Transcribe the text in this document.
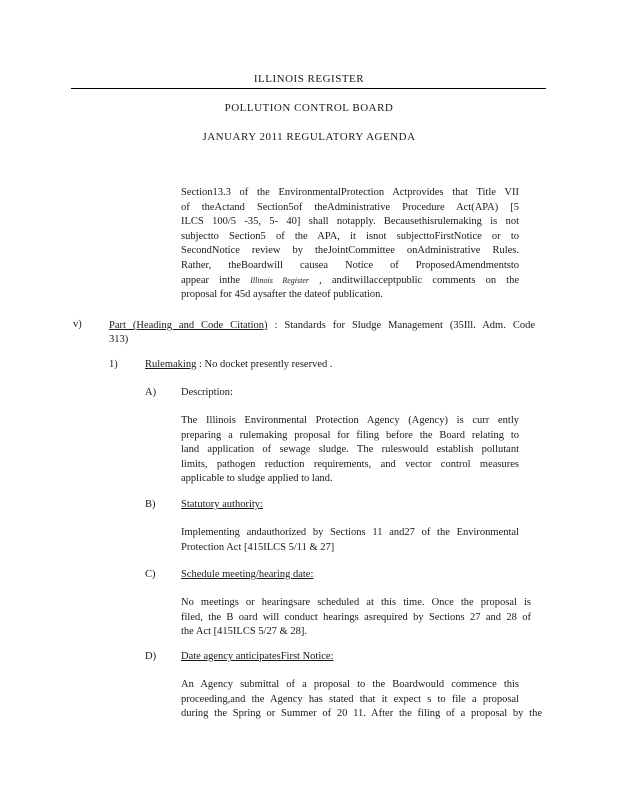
ILLINOIS REGISTER
POLLUTION CONTROL BOARD
JANUARY 2011 REGULATORY AGENDA
Section13.3 of the EnvironmentalProtection Actprovides that Title VII
of theActand Section5of theAdministrative Procedure Act(APA) [5
ILCS 100/5 -35, 5- 40] shall notapply. Becausethisrulemaking is not
subjectto Section5 of the APA, it isnot subjecttoFirstNotice or to
SecondNotice review by theJointCommittee onAdministrative Rules.
Rather, theBoardwill causea Notice of ProposedAmendmentsto
appear inthe Illinois Register , anditwillacceptpublic comments on the
proposal for 45d aysafter the dateof publication.
v)	Part (Heading and Code Citation) : Standards for Sludge Management (35Ill. Adm. Code
313)
1)	Rulemaking : No docket presently reserved .
A) Description:
The Illinois Environmental Protection Agency (Agency) is curr ently
preparing a rulemaking proposal for filing before the Board relating to
land application of sewage sludge. The ruleswould establish pollutant
limits, pathogen reduction requirements, and vector control measures
applicable to sludge applied to land.
B) Statutory authority:
Implementing andauthorized by Sections 11 and27 of the Environmental
Protection Act [415ILCS 5/11 & 27]
C) Schedule meeting/hearing date:
No meetings or hearingsare scheduled at this time. Once the proposal is
filed, the B oard will conduct hearings asrequired by Sections 27 and 28 of
the Act [415ILCS 5/27 & 28].
D) Date agency anticipatesFirst Notice:
An Agency submittal of a proposal to the Boardwould commence this
proceeding,and the Agency has stated that it expect s to file a proposal
during the Spring or Summer of 20 11. After the filing of a proposal by the
